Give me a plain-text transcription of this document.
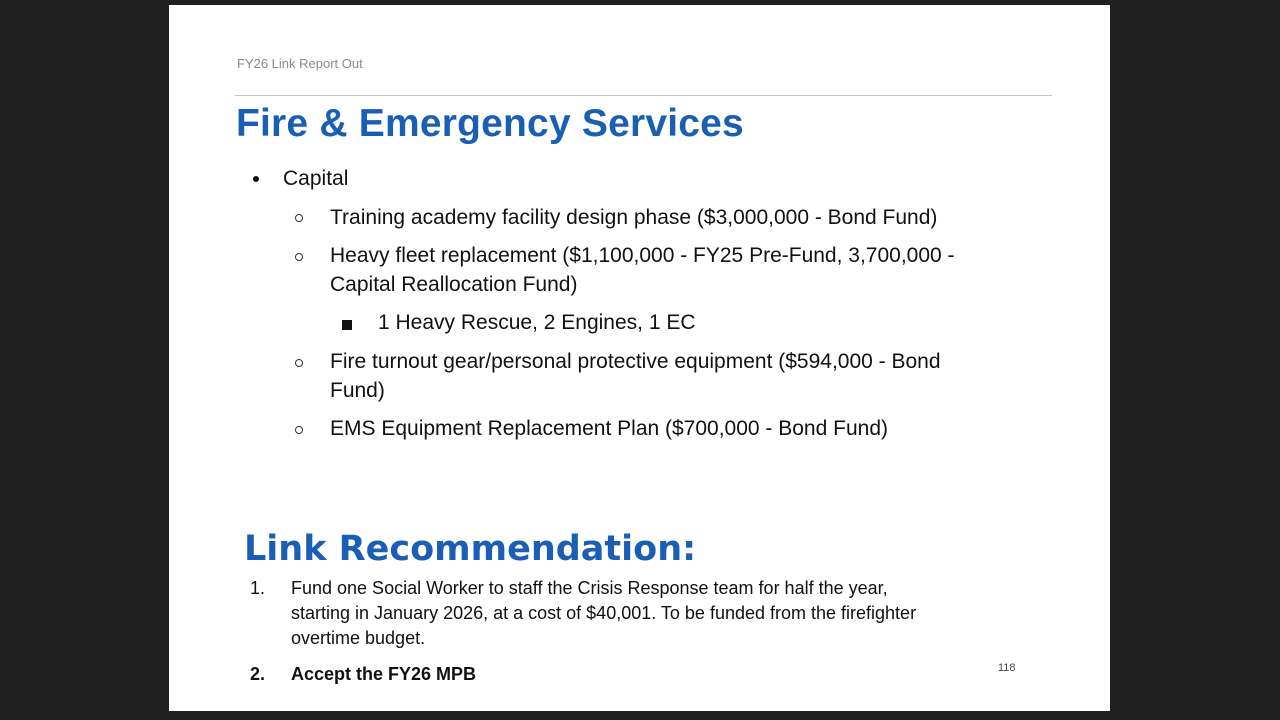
FY26 Link Report Out
Fire & Emergency Services
Capital
Training academy facility design phase ($3,000,000 - Bond Fund)
Heavy fleet replacement ($1,100,000 - FY25 Pre-Fund, 3,700,000 -
Capital Reallocation Fund)
1 Heavy Rescue, 2 Engines, 1 EC
Fire turnout gear/personal protective equipment ($594,000 - Bond
Fund)
EMS Equipment Replacement Plan ($700,000 - Bond Fund)
Link Recommendation:
1. Fund one Social Worker to staff the Crisis Response team for half the year,
starting in January 2026, at a cost of $40,001. To be funded from the firefighter
overtime budget.
2. Accept the FY26 MPB	118
